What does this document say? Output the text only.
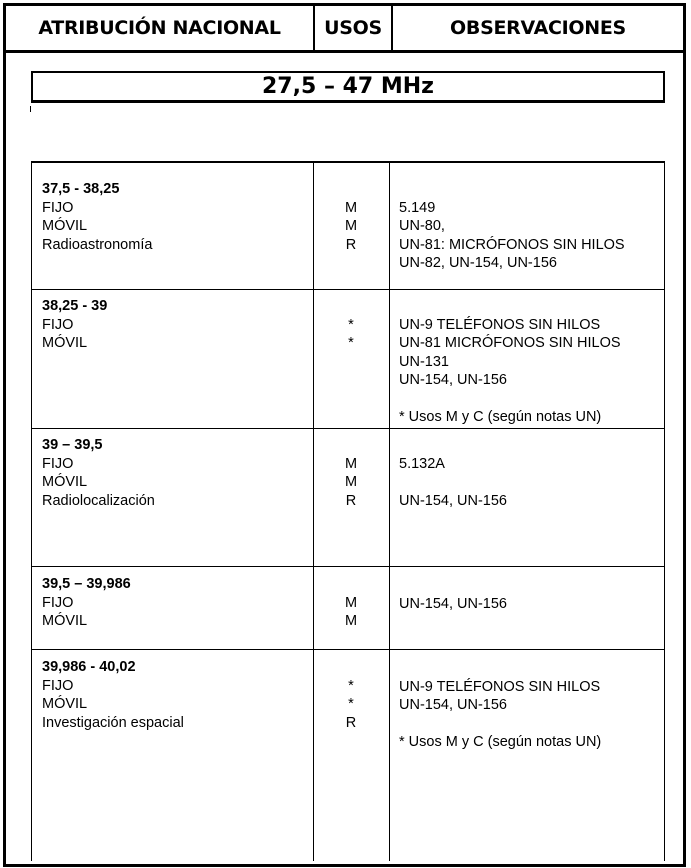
ATRIBUCIÓN NACIONAL	USOS	OBSERVACIONES
27,5 – 47 MHz
37,5 - 38,25
FIJO
MÓVIL
Radioastronomía
M
M
R
5.149
UN-80,
UN-81: MICRÓFONOS SIN HILOS
UN-82, UN-154, UN-156
38,25 - 39
FIJO
MÓVIL
*
*
UN-9 TELÉFONOS SIN HILOS
UN-81 MICRÓFONOS SIN HILOS
UN-131
UN-154, UN-156
* Usos M y C (según notas UN)
39 – 39,5
FIJO
MÓVIL
Radiolocalización
M
M
R
5.132A
UN-154, UN-156
39,5 – 39,986
FIJO
MÓVIL
M
M
UN-154, UN-156
39,986 - 40,02
FIJO
MÓVIL
Investigación espacial
*
*
R
UN-9 TELÉFONOS SIN HILOS
UN-154, UN-156
* Usos M y C (según notas UN)
